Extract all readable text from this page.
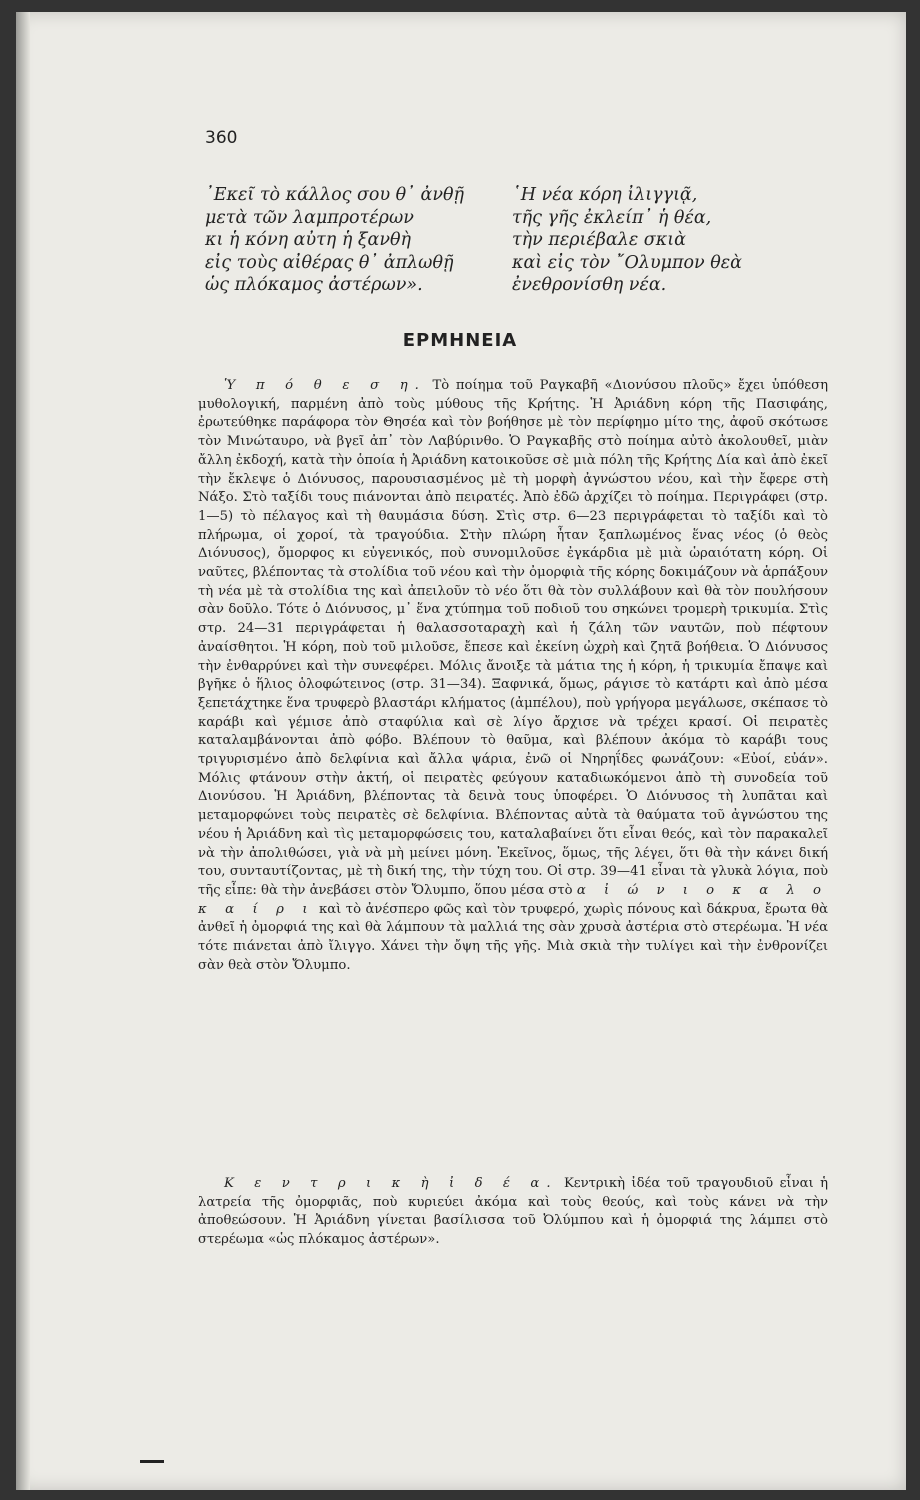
360
᾿Εκεῖ τὸ κάλλος σου θ᾿ ἀνθῇ
μετὰ τῶν λαμπροτέρων
κι ἡ κόνη αὐτη ἡ ξανθὴ
εἰς τοὺς αἰθέρας θ᾿ ἀπλωθῇ
ὡς πλόκαμος ἀστέρων».
῾Η νέα κόρη ἰλιγγιᾷ,
τῆς γῆς ἐκλείπ᾿ ἡ θέα,
τὴν περιέβαλε σκιὰ
καὶ εἰς τὸν ῎Ολυμπον θεὰ
ἐνεθρονίσθη νέα.
ΕΡΜΗΝΕΙΑ
Ὑ π ό θ ε σ η. Τὸ ποίημα τοῦ Ραγκαβῆ «Διονύσου πλοῦς» ἔχει ὑπόθεση μυθολογική, παρμένη ἀπὸ τοὺς μύθους τῆς Κρήτης. Ἡ Ἀριάδνη κόρη τῆς Πασιφάης, ἐρωτεύθηκε παράφορα τὸν Θησέα καὶ τὸν βοήθησε μὲ τὸν περίφημο μίτο της, ἀφοῦ σκότωσε τὸν Μινώταυρο, νὰ βγεῖ ἀπ᾿ τὸν Λαβύρινθο. Ὁ Ραγκαβῆς στὸ ποίημα αὐτὸ ἀκολουθεῖ, μιὰν ἄλλη ἐκδοχή, κατὰ τὴν ὁποία ἡ Ἀριάδνη κατοικοῦσε σὲ μιὰ πόλη τῆς Κρήτης Δία καὶ ἀπὸ ἐκεῖ τὴν ἔκλεψε ὁ Διόνυσος, παρουσιασμένος μὲ τὴ μορφὴ ἀγνώστου νέου, καὶ τὴν ἔφερε στὴ Νάξο. Στὸ ταξίδι τους πιάνονται ἀπὸ πειρατές. Ἀπὸ ἐδῶ ἀρχίζει τὸ ποίημα. Περιγράφει (στρ. 1—5) τὸ πέλαγος καὶ τὴ θαυμάσια δύση. Στὶς στρ. 6—23 περιγράφεται τὸ ταξίδι καὶ τὸ πλήρωμα, οἱ χοροί, τὰ τραγούδια. Στὴν πλώρη ἦταν ξαπλωμένος ἕνας νέος (ὁ θεὸς Διόνυσος), ὄμορφος κι εὐγενικός, ποὺ συνομιλοῦσε ἐγκάρδια μὲ μιὰ ὡραιότατη κόρη. Οἱ ναῦτες, βλέποντας τὰ στολίδια τοῦ νέου καὶ τὴν ὀμορφιὰ τῆς κόρης δοκιμάζουν νὰ ἁρπάξουν τὴ νέα μὲ τὰ στολίδια της καὶ ἀπειλοῦν τὸ νέο ὅτι θὰ τὸν συλλάβουν καὶ θὰ τὸν πουλήσουν σὰν δοῦλο. Τότε ὁ Διόνυσος, μ᾿ ἕνα χτύπημα τοῦ ποδιοῦ του σηκώνει τρομερὴ τρικυμία. Στὶς στρ. 24—31 περιγράφεται ἡ θαλασσοταραχὴ καὶ ἡ ζάλη τῶν ναυτῶν, ποὺ πέφτουν ἀναίσθητοι. Ἡ κόρη, ποὺ τοῦ μιλοῦσε, ἔπεσε καὶ ἐκείνη ὠχρὴ καὶ ζητᾶ βοήθεια. Ὁ Διόνυσος τὴν ἐνθαρρύνει καὶ τὴν συνεφέρει. Μόλις ἄνοιξε τὰ μάτια της ἡ κόρη, ἡ τρικυμία ἔπαψε καὶ βγῆκε ὁ ἥλιος ὁλοφώτεινος (στρ. 31—34). Ξαφνικά, ὅμως, ράγισε τὸ κατάρτι καὶ ἀπὸ μέσα ξεπετάχτηκε ἕνα τρυφερὸ βλαστάρι κλήματος (ἀμπέλου), ποὺ γρήγορα μεγάλωσε, σκέπασε τὸ καράβι καὶ γέμισε ἀπὸ σταφύλια καὶ σὲ λίγο ἄρχισε νὰ τρέχει κρασί. Οἱ πειρατὲς καταλαμβάνονται ἀπὸ φόβο. Βλέπουν τὸ θαῦμα, καὶ βλέπουν ἀκόμα τὸ καράβι τους τριγυρισμένο ἀπὸ δελφίνια καὶ ἄλλα ψάρια, ἐνῶ οἱ Νηρηΐδες φωνάζουν: «Εὐοί, εὐάν». Μόλις φτάνουν στὴν ἀκτή, οἱ πειρατὲς φεύγουν καταδιωκόμενοι ἀπὸ τὴ συνοδεία τοῦ Διονύσου. Ἡ Ἀριάδνη, βλέποντας τὰ δεινὰ τους ὑποφέρει. Ὁ Διόνυσος τὴ λυπᾶται καὶ μεταμορφώνει τοὺς πειρατὲς σὲ δελφίνια. Βλέποντας αὐτὰ τὰ θαύματα τοῦ ἀγνώστου της νέου ἡ Ἀριάδνη καὶ τὶς μεταμορφώσεις του, καταλαβαίνει ὅτι εἶναι θεός, καὶ τὸν παρακαλεῖ νὰ τὴν ἀπολιθώσει, γιὰ νὰ μὴ μείνει μόνη. Ἐκεῖνος, ὅμως, τῆς λέγει, ὅτι θὰ τὴν κάνει δική του, συνταυτίζοντας, μὲ τὴ δική της, τὴν τύχη του. Οἱ στρ. 39—41 εἶναι τὰ γλυκὰ λόγια, ποὺ τῆς εἶπε: θὰ τὴν ἀνεβάσει στὸν Ὄλυμπο, ὅπου μέσα στὸ α ἰ ώ ν ι ο κ α λ ο κ α ί ρ ι καὶ τὸ ἀνέσπερο φῶς καὶ τὸν τρυφερό, χωρὶς πόνους καὶ δάκρυα, ἔρωτα θὰ ἀνθεῖ ἡ ὀμορφιά της καὶ θὰ λάμπουν τὰ μαλλιά της σὰν χρυσὰ ἀστέρια στὸ στερέωμα. Ἡ νέα τότε πιάνεται ἀπὸ ἴλιγγο. Χάνει τὴν ὄψη τῆς γῆς. Μιὰ σκιὰ τὴν τυλίγει καὶ τὴν ἐνθρονίζει σὰν θεὰ στὸν Ὄλυμπο.
Κ ε ν τ ρ ι κ ὴ ἰ δ έ α. Κεντρικὴ ἰδέα τοῦ τραγουδιοῦ εἶναι ἡ λατρεία τῆς ὀμορφιᾶς, ποὺ κυριεύει ἀκόμα καὶ τοὺς θεούς, καὶ τοὺς κάνει νὰ τὴν ἀποθεώσουν. Ἡ Ἀριάδνη γίνεται βασίλισσα τοῦ Ὀλύμπου καὶ ἡ ὀμορφιά της λάμπει στὸ στερέωμα «ὡς πλόκαμος ἀστέρων».
